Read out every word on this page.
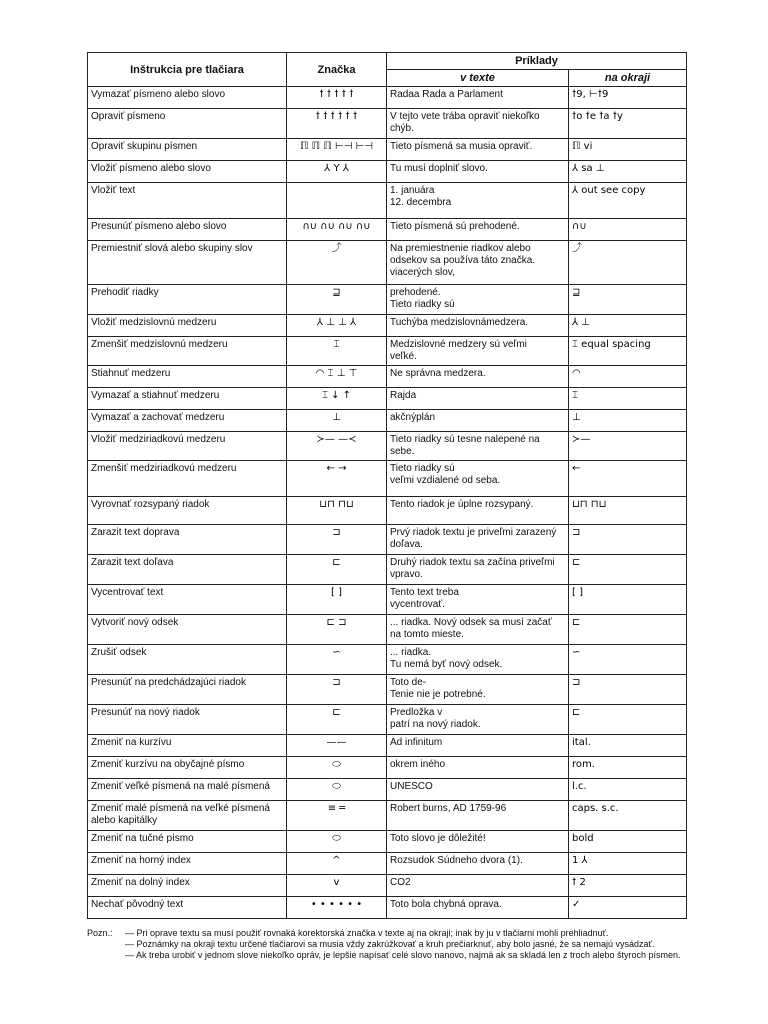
Inštrukcia pre tlačiara	Značka	Príklady	
		v texte	na okraji
Vymazať písmeno alebo slovo	ꝉ ꝉ ꝉ ꝉ ꝉ	Radaa Rada a Parlament	ꝉ9, ⊢ꝉ9
Opraviť písmeno	ꝉ ꝉ ꝉ ꝉ ꝉ ꝉ	V tejto vete trába opraviť niekoľko
chýb.	ꝉo ꝉe ꝉa ꝉy
Opraviť skupinu písmen	ℿ ℿ ℿ ⊢⊣ ⊢⊣	Tieto písmená sa musia opraviť.	ℿ vi
Vložiť písmeno alebo slovo	⅄ Y ⅄	Tu musí doplniť slovo.	⅄ sa ⊥
Vložiť text		1. januára
12. decembra	⅄ out see copy
Presunúť písmeno alebo slovo	∩∪ ∩∪ ∩∪ ∩∪	Tieto písmená sú prehodené.	∩∪
Premiestniť slová alebo skupiny slov	⤴	Na premiestnenie riadkov alebo
odsekov sa používa táto značka.
viacerých slov,	⤴
Prehodiť riadky	⊒	prehodené.
Tieto riadky sú	⊒
Vložiť medzislovnú medzeru	⅄ ⊥ ⊥ ⅄	Tuchýba medzislovnámedzera.	⅄ ⊥
Zmenšiť medzislovnú medzeru	⌶	Medzislovné medzery sú veľmi
veľké.	⌶ equal spacing
Stiahnuť medzeru	◠ ⌶ ⊥ ⊤	Ne správna medzera.	◠
Vymazať a stiahnuť medzeru	⌶ ↓ ↑	Rajda	⌶
Vymazať a zachovať medzeru	⊥	akčnýplán	⊥
Vložiť medziriadkovú medzeru	≻— —≺	Tieto riadky sú tesne nalepené na
sebe.	≻—
Zmenšiť medziriadkovú medzeru	← →	Tieto riadky sú
veľmi vzdialené od seba.	←
Vyrovnať rozsypaný riadok	⊔⊓ ⊓⊔	Tento riadok je úplne rozsypaný.	⊔⊓ ⊓⊔
Zarazit text doprava	⊐	Prvý riadok textu je priveľmi zarazený
doľava.	⊐
Zarazit text doľava	⊏	Druhý riadok textu sa začína priveľmi
vpravo.	⊏
Vycentrovať text	[ ]	Tento text treba
vycentrovať.	[ ]
Vytvoriť nový odsek	⊏ ⊐	... riadka. Nový odsek sa musí začať
na tomto mieste.	⊏
Zrušiť odsek	∽	... riadka.
Tu nemá byť nový odsek.	∽
Presunúť na predchádzajúci riadok	⊐	Toto de-
Tenie nie je potrebné.	⊐
Presunúť na nový riadok	⊏	Predložka v
patrí na nový riadok.	⊏
Zmeniť na kurzívu	——	Ad infinitum	ital.
Zmeniť kurzívu na obyčajné písmo	⬭	okrem iného	rom.
Zmeniť veľké písmená na malé písmená	⬭	UNESCO	l.c.
Zmeniť malé písmená na veľké písmená alebo kapitálky	≡ ═	Robert burns, AD 1759-96	caps. s.c.
Zmeniť na tučné písmo	⬭	Toto slovo je dôležité!	bold
Zmeniť na horný index	^	Rozsudok Súdneho dvora (1).	1 ⅄
Zmeniť na dolný index	v	CO2	ꝉ 2
Nechať pôvodný text	• • • • • •	Toto bola chybná oprava.	✓
Pozn.:	— Pri oprave textu sa musí použiť rovnaká korektorská značka v texte aj na okraji; inak by ju v tlačiarni mohli prehliadnuť.
— Poznámky na okraji textu určené tlačiarovi sa musia vždy zakrúžkovať a kruh prečiarknuť, aby bolo jasné, že sa nemajú vysádzať.
— Ak treba urobiť v jednom slove niekoľko opráv, je lepšie napísať celé slovo nanovo, najmä ak sa skladá len z troch alebo štyroch písmen.
